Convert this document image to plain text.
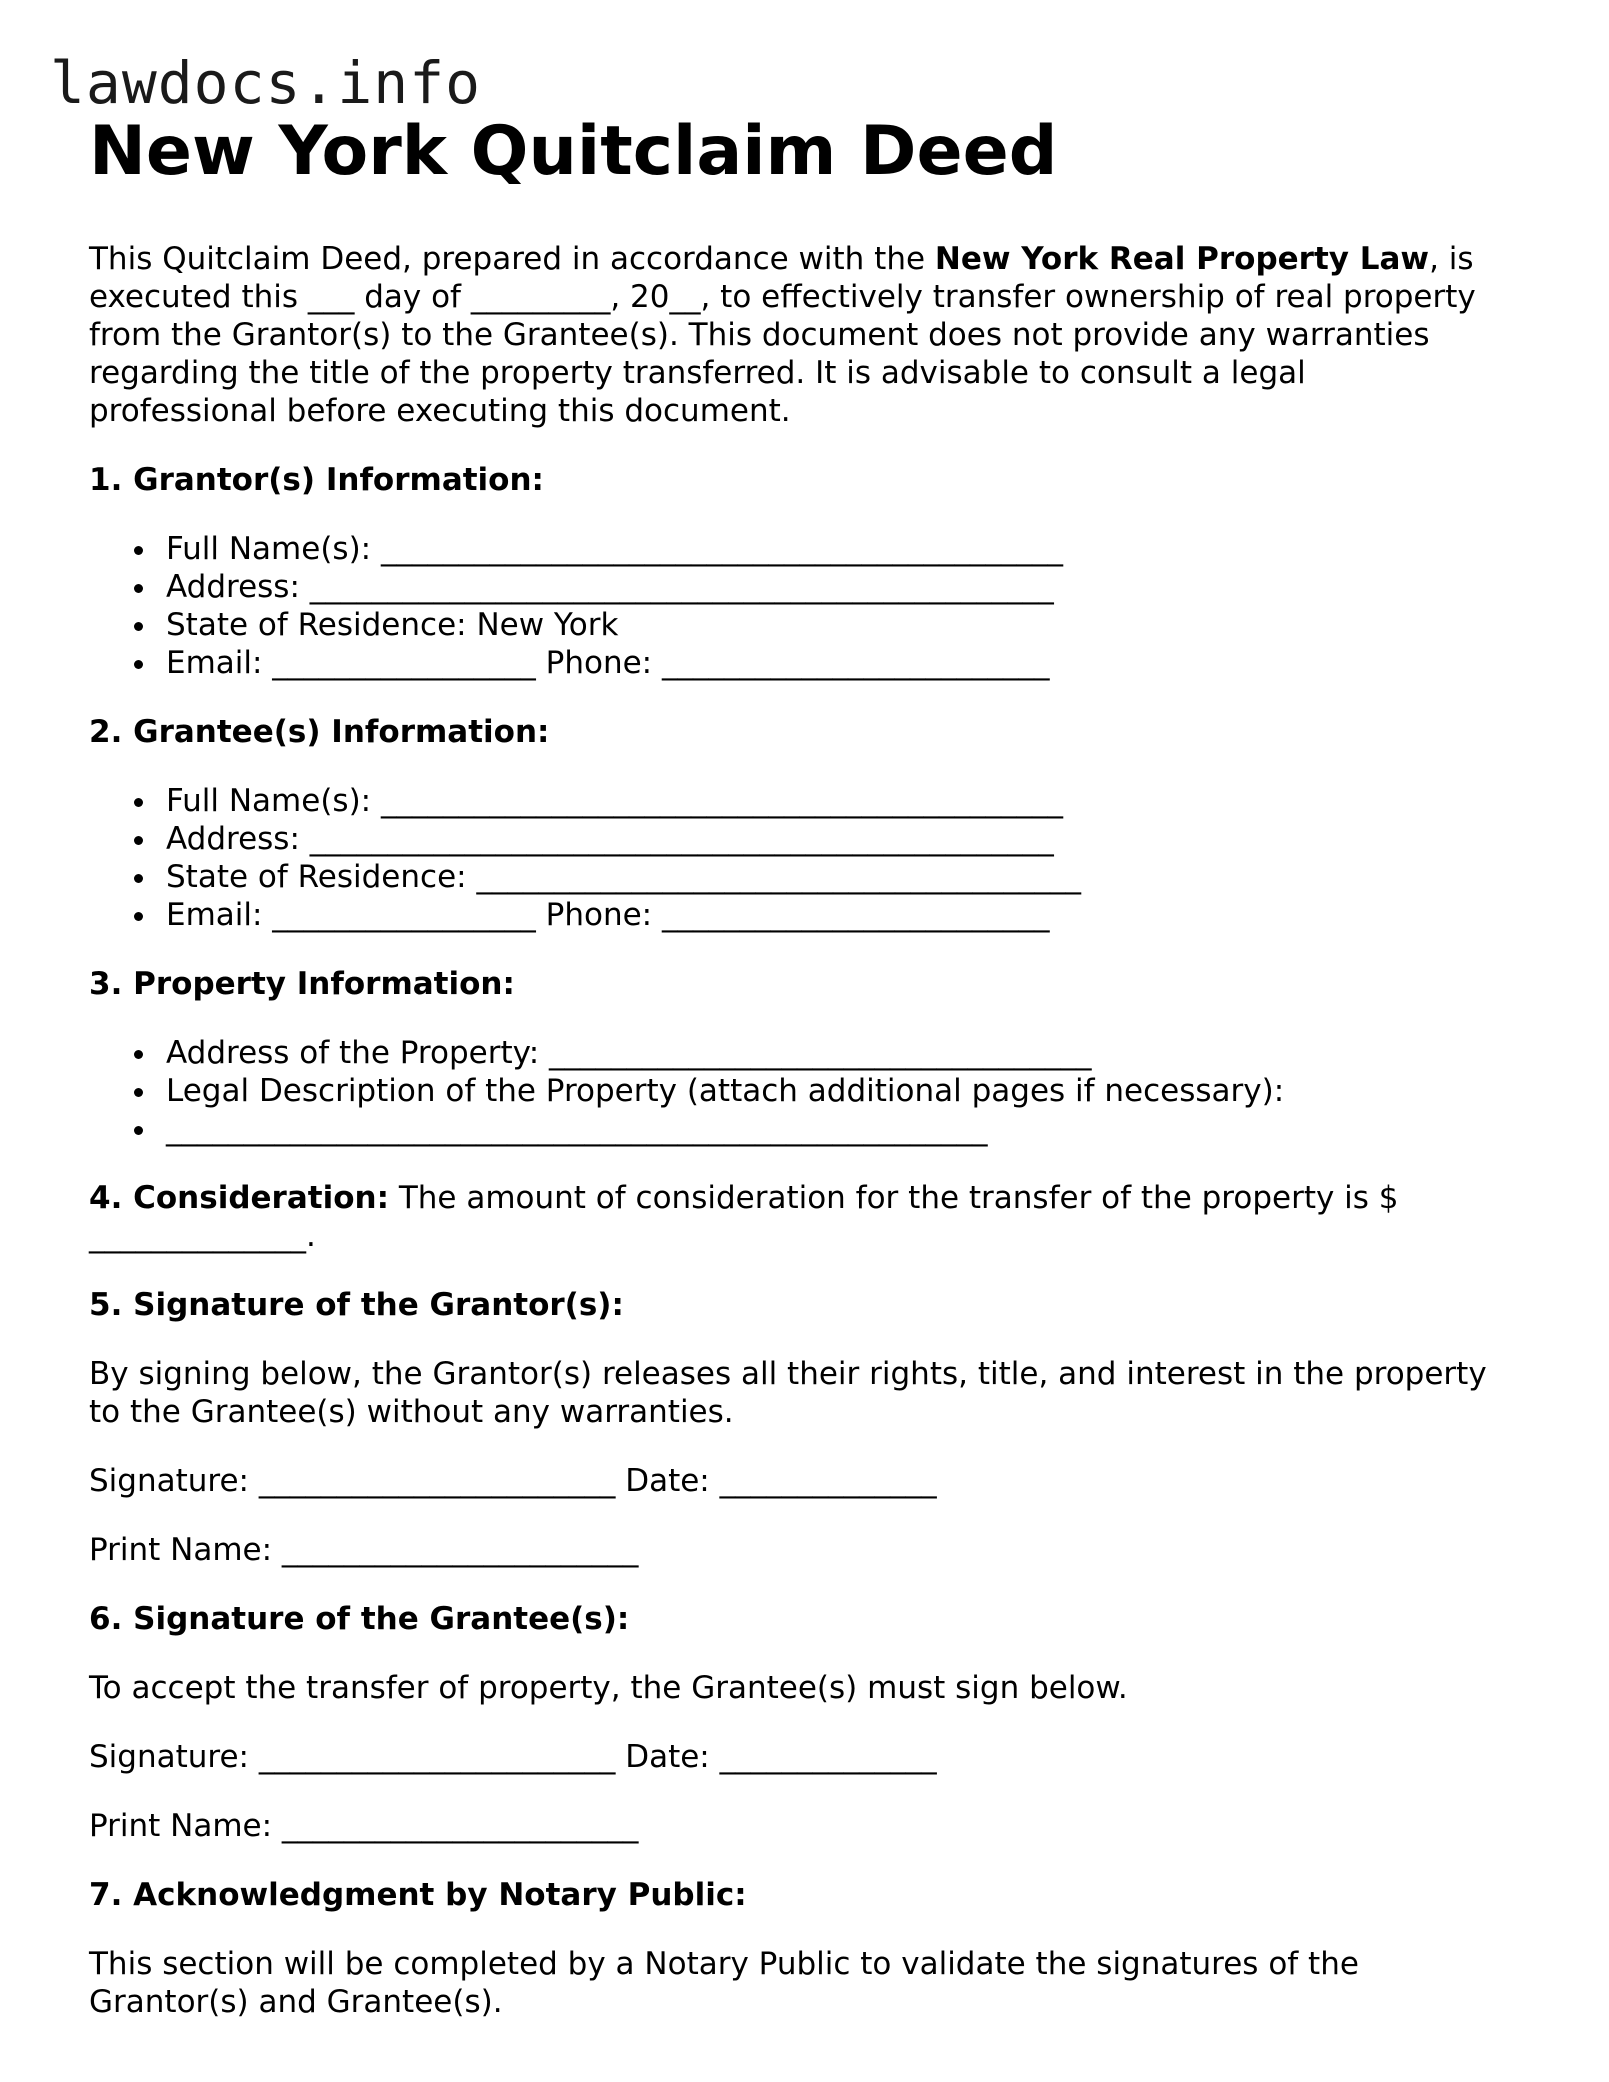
lawdocs.info
New York Quitclaim Deed

This Quitclaim Deed, prepared in accordance with the New York Real Property Law, is

executed this ___ day of _________, 20__, to effectively transfer ownership of real property

from the Grantor(s) to the Grantee(s). This document does not provide any warranties

regarding the title of the property transferred. It is advisable to consult a legal

professional before executing this document.

1. Grantor(s) Information:
Full Name(s): ____________________________________________
Address: ________________________________________________
State of Residence: New York
Email: _________________ Phone: _________________________
2. Grantee(s) Information:
Full Name(s): ____________________________________________
Address: ________________________________________________
State of Residence: _______________________________________
Email: _________________ Phone: _________________________
3. Property Information:
Address of the Property: ___________________________________
Legal Description of the Property (attach additional pages if necessary):
_____________________________________________________

4. Consideration: The amount of consideration for the transfer of the property is $

______________.

5. Signature of the Grantor(s):

By signing below, the Grantor(s) releases all their rights, title, and interest in the property

to the Grantee(s) without any warranties.

Signature: _______________________ Date: ______________

Print Name: _______________________

6. Signature of the Grantee(s):

To accept the transfer of property, the Grantee(s) must sign below.

Signature: _______________________ Date: ______________

Print Name: _______________________

7. Acknowledgment by Notary Public:

This section will be completed by a Notary Public to validate the signatures of the

Grantor(s) and Grantee(s).
